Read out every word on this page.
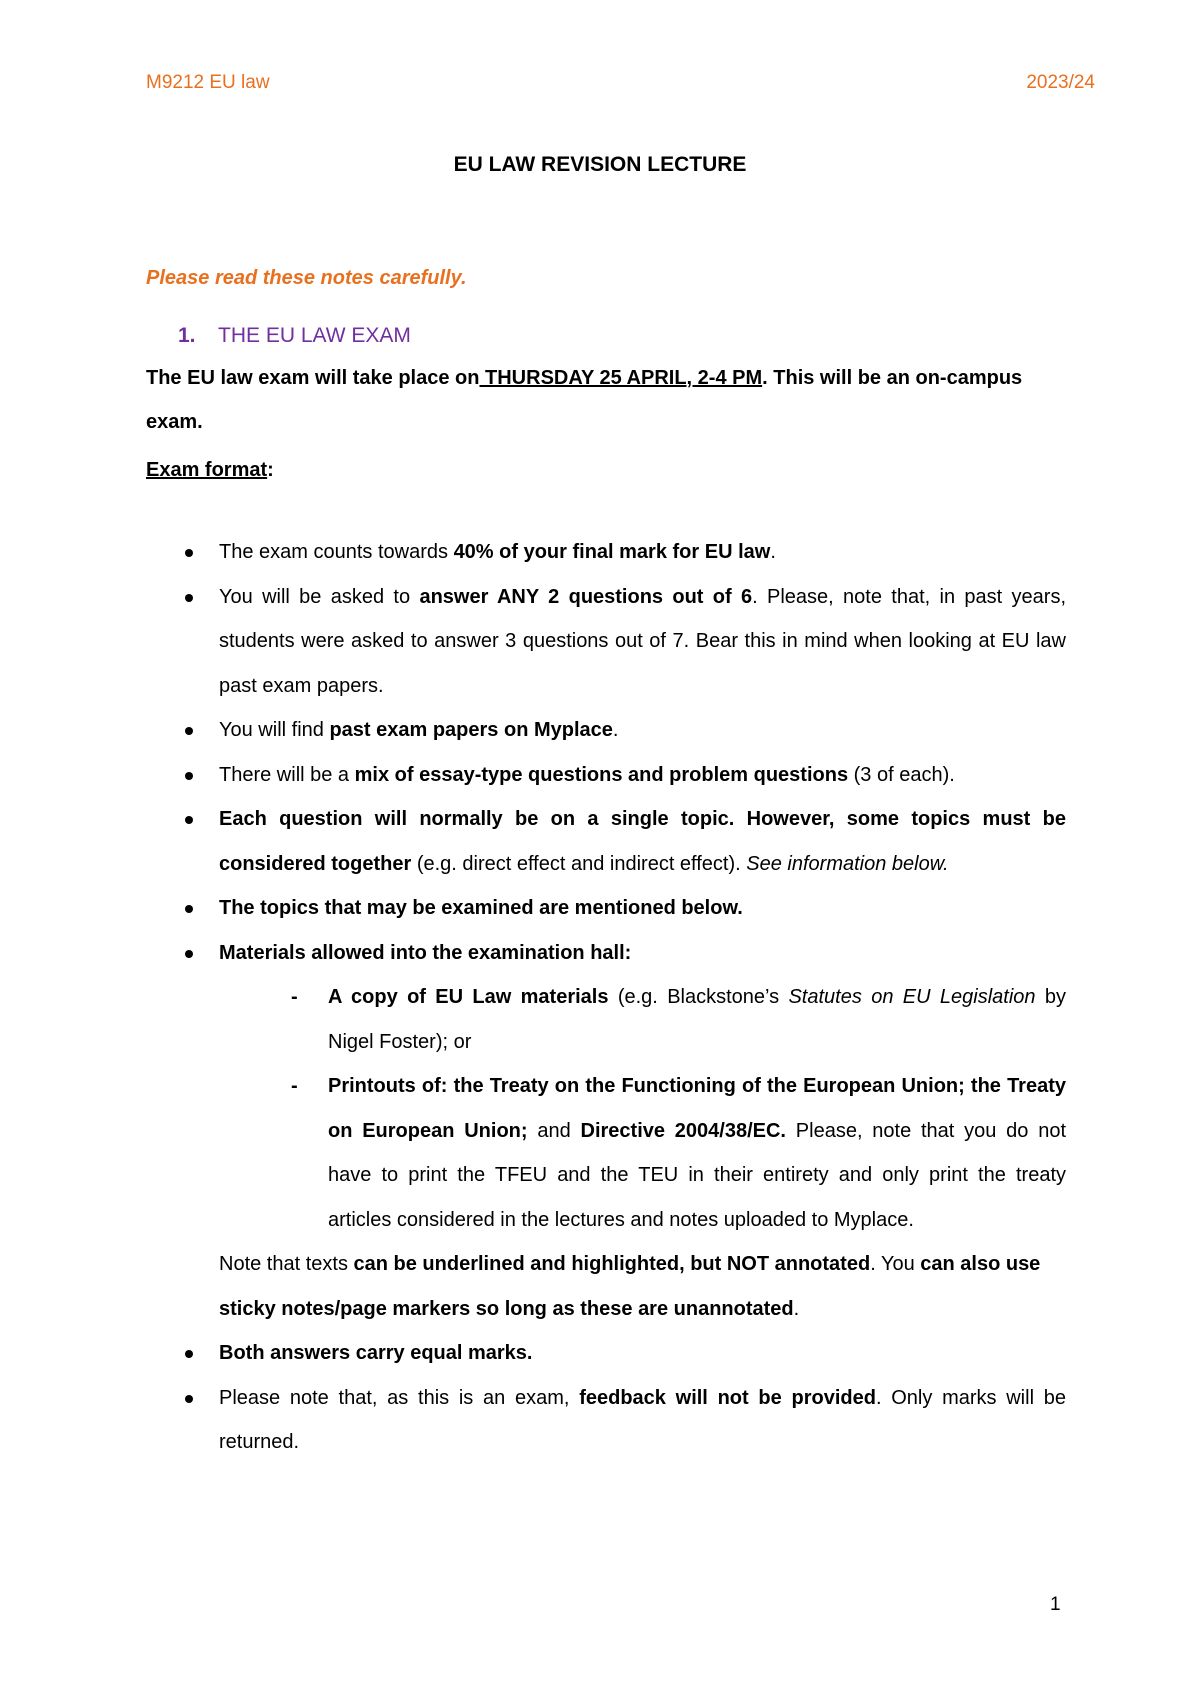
M9212 EU law	2023/24
EU LAW REVISION LECTURE
Please read these notes carefully.
1. THE EU LAW EXAM
The EU law exam will take place on THURSDAY 25 APRIL, 2-4 PM. This will be an on-campus exam.
Exam format:
The exam counts towards 40% of your final mark for EU law.
You will be asked to answer ANY 2 questions out of 6. Please, note that, in past years, students were asked to answer 3 questions out of 7. Bear this in mind when looking at EU law past exam papers.
You will find past exam papers on Myplace.
There will be a mix of essay-type questions and problem questions (3 of each).
Each question will normally be on a single topic. However, some topics must be considered together (e.g. direct effect and indirect effect). See information below.
The topics that may be examined are mentioned below.
Materials allowed into the examination hall:
- A copy of EU Law materials (e.g. Blackstone’s Statutes on EU Legislation by Nigel Foster); or
- Printouts of: the Treaty on the Functioning of the European Union; the Treaty on European Union; and Directive 2004/38/EC. Please, note that you do not have to print the TFEU and the TEU in their entirety and only print the treaty articles considered in the lectures and notes uploaded to Myplace.
Note that texts can be underlined and highlighted, but NOT annotated. You can also use sticky notes/page markers so long as these are unannotated.
Both answers carry equal marks.
Please note that, as this is an exam, feedback will not be provided. Only marks will be returned.
1
